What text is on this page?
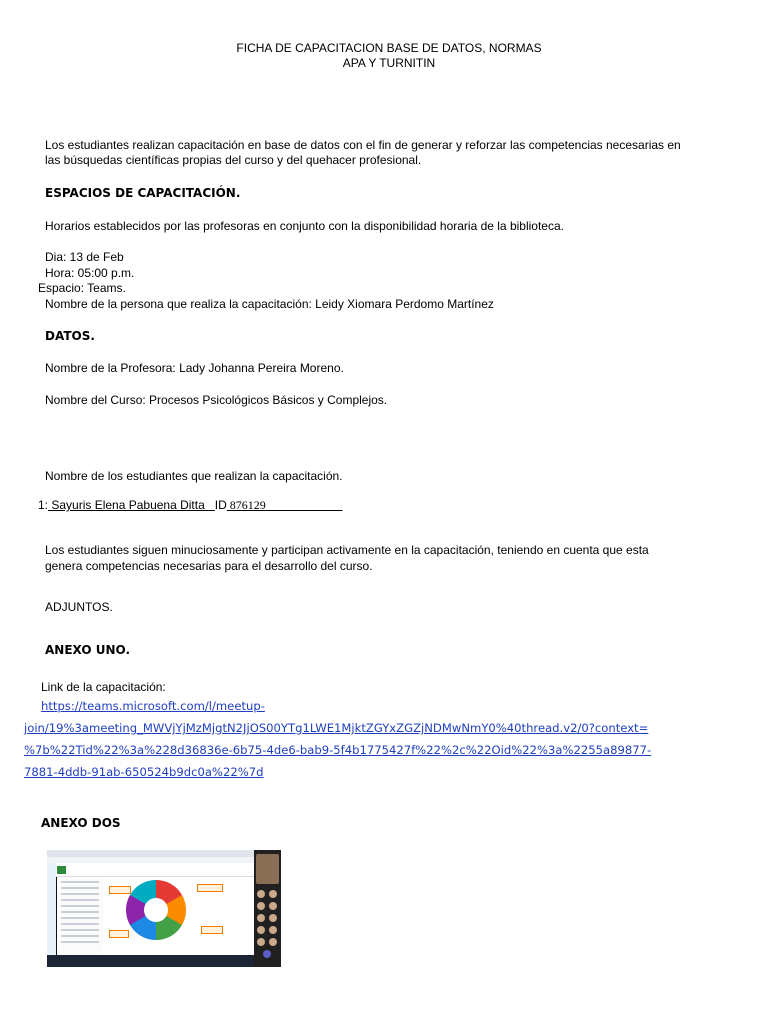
FICHA DE CAPACITACION BASE DE DATOS, NORMAS
APA Y TURNITIN
Los estudiantes realizan capacitación en base de datos con el fin de generar y reforzar las competencias necesarias en
las búsquedas científicas propias del curso y del quehacer profesional.
ESPACIOS DE CAPACITACIÓN.
Horarios establecidos por las profesoras en conjunto con la disponibilidad horaria de la biblioteca.
Dia: 13 de Feb
Hora: 05:00 p.m.
Espacio: Teams.
Nombre de la persona que realiza la capacitación: Leidy Xiomara Perdomo Martínez
DATOS.
Nombre de la Profesora: Lady Johanna Pereira Moreno.
Nombre del Curso: Procesos Psicológicos Básicos y Complejos.
Nombre de los estudiantes que realizan la capacitación.
1: Sayuris Elena Pabuena Ditta   ID 876129
Los estudiantes siguen minuciosamente y participan activamente en la capacitación, teniendo en cuenta que esta
genera competencias necesarias para el desarrollo del curso.
ADJUNTOS.
ANEXO UNO.
Link de la capacitación:
https://teams.microsoft.com/l/meetup-
join/19%3ameeting_MWVjYjMzMjgtN2JjOS00YTg1LWE1MjktZGYxZGZjNDMwNmY0%40thread.v2/0?context=
%7b%22Tid%22%3a%228d36836e-6b75-4de6-bab9-5f4b1775427f%22%2c%22Oid%22%3a%2255a89877-
7881-4ddb-91ab-650524b9dc0a%22%7d
ANEXO DOS
